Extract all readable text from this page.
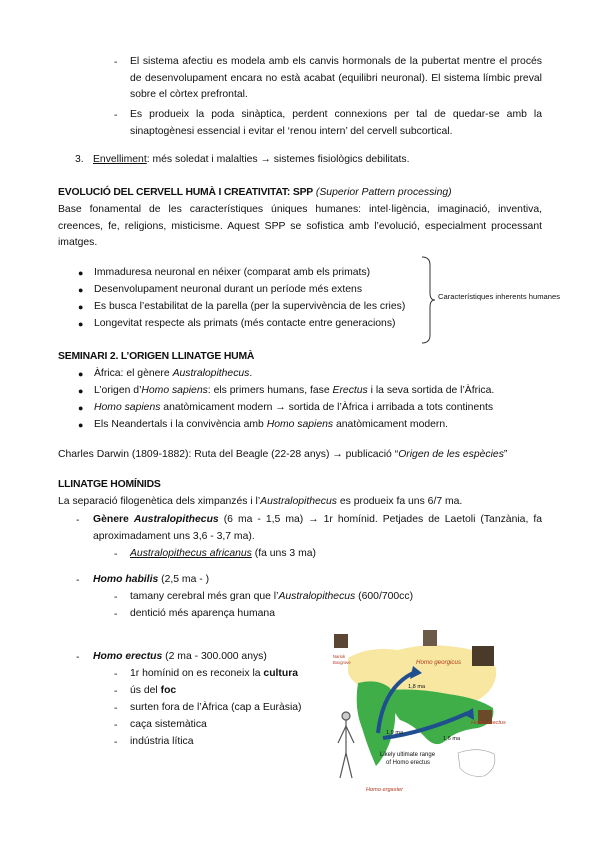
- El sistema afectiu es modela amb els canvis hormonals de la pubertat mentre el procés de desenvolupament encara no està acabat (equilibri neuronal). El sistema límbic preval sobre el còrtex prefrontal.
- Es produeix la poda sinàptica, perdent connexions per tal de quedar-se amb la sinaptogènesi essencial i evitar el ‘renou intern’ del cervell subcortical.
3. Envelliment: més soledat i malalties → sistemes fisiològics debilitats.
EVOLUCIÓ DEL CERVELL HUMÀ I CREATIVITAT: SPP (Superior Pattern processing)
Base fonamental de les característiques úniques humanes: intel·ligència, imaginació, inventiva, creences, fe, religions, misticisme. Aquest SPP se sofistica amb l’evolució, especialment processant imatges.
● Immaduresa neuronal en néixer (comparat amb els primats)
● Desenvolupament neuronal durant un període més extens
● Es busca l’estabilitat de la parella (per la supervivència de les cries)
● Longevitat respecte als primats (més contacte entre generacions)
Característiques inherents humanes
SEMINARI 2. L’ORIGEN LLINATGE HUMÀ
● Àfrica: el gènere Australopithecus.
● L’origen d’Homo sapiens: els primers humans, fase Erectus i la seva sortida de l’Àfrica.
● Homo sapiens anatòmicament modern → sortida de l’Àfrica i arribada a tots continents
● Els Neandertals i la convivència amb Homo sapiens anatòmicament modern.
Charles Darwin (1809-1882): Ruta del Beagle (22-28 anys) → publicació “Origen de les espècies”
LLINATGE HOMÍNIDS
La separació filogenètica dels ximpanzés i l’Australopithecus es produeix fa uns 6/7 ma.
- Gènere Australopithecus (6 ma - 1,5 ma) → 1r homínid. Petjades de Laetoli (Tanzània, fa aproximadament uns 3,6 - 3,7 ma).
- Australopithecus africanus (fa uns 3 ma)
- Homo habilis (2,5 ma - )
- tamany cerebral més gran que l’Australopithecus (600/700cc)
- dentició més aparença humana
- Homo erectus (2 ma - 300.000 anys)
- 1r homínid on es reconeix la cultura
- ús del foc
- surten fora de l’Àfrica (cap a Euràsia)
- caça sistemàtica
- indústria lítica
Homo georgicus
Homo erectus
Homo ergaster
1,8 ma
1,6 ma
1,9 ma
Likely ultimate range
of Homo erectus
Nariok
Boxgrove
